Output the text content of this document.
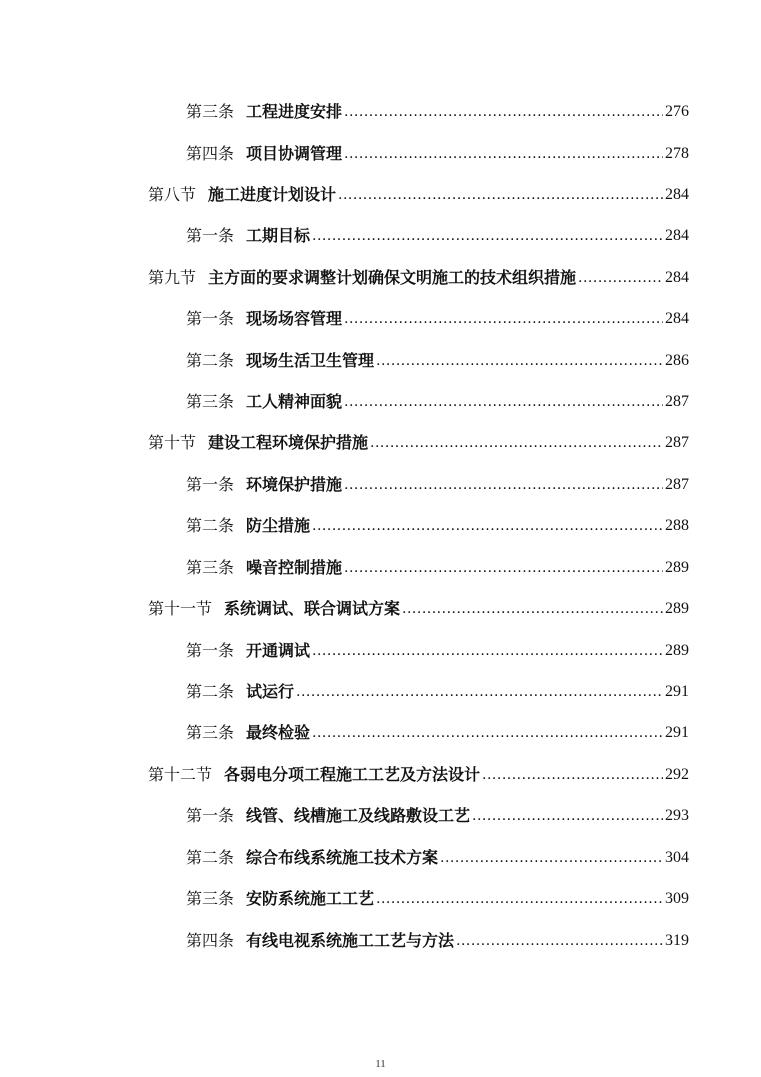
第三条 工程进度安排 .....	276
第四条 项目协调管理 .....	278
第八节 施工进度计划设计 .....	284
第一条 工期目标 .....	284
第九节 主方面的要求调整计划确保文明施工的技术组织措施 .....	284
第一条 现场场容管理 .....	284
第二条 现场生活卫生管理 .....	286
第三条 工人精神面貌 .....	287
第十节 建设工程环境保护措施 .....	287
第一条 环境保护措施 .....	287
第二条 防尘措施 .....	288
第三条 噪音控制措施 .....	289
第十一节 系统调试、联合调试方案 .....	289
第一条 开通调试 .....	289
第二条 试运行 .....	291
第三条 最终检验 .....	291
第十二节 各弱电分项工程施工工艺及方法设计 .....	292
第一条 线管、线槽施工及线路敷设工艺 .....	293
第二条 综合布线系统施工技术方案 .....	304
第三条 安防系统施工工艺 .....	309
第四条 有线电视系统施工工艺与方法 .....	319
11
